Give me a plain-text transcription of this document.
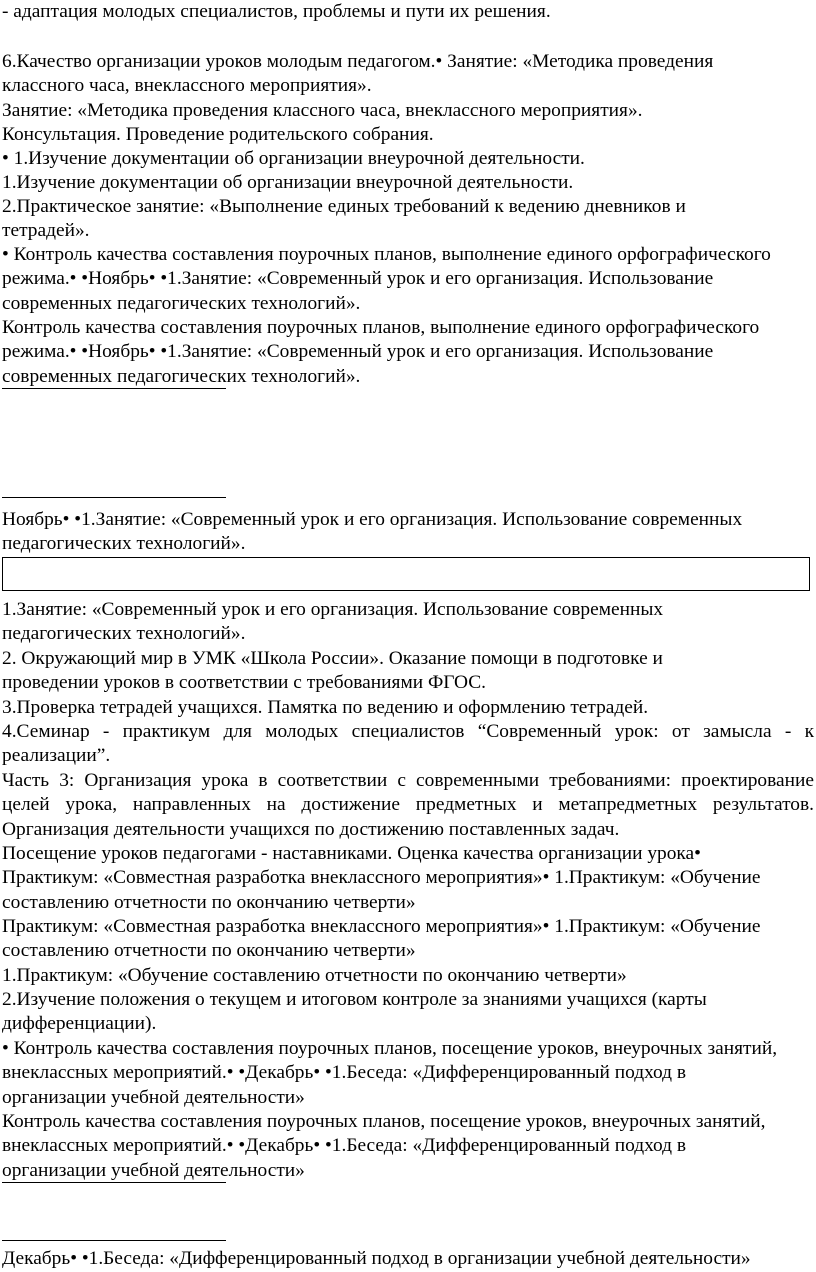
- адаптация молодых специалистов, проблемы и пути их решения.

6.Качество организации уроков молодым педагогом.• Занятие: «Методика проведения классного часа, внеклассного мероприятия».

Занятие: «Методика проведения классного часа, внеклассного мероприятия».

Консультация. Проведение родительского собрания.

• 1.Изучение документации об организации внеурочной деятельности.

1.Изучение документации об организации внеурочной деятельности.

2.Практическое занятие: «Выполнение единых требований к ведению дневников и тетрадей».

• Контроль качества составления поурочных планов, выполнение единого орфографического режима.• •Ноябрь• •1.Занятие: «Современный урок и его организация. Использование современных педагогических технологий».

Контроль качества составления поурочных планов, выполнение единого орфографического режима.• •Ноябрь• •1.Занятие: «Современный урок и его организация. Использование современных педагогических технологий».

Ноябрь• •1.Занятие: «Современный урок и его организация. Использование современных педагогических технологий».

1.Занятие: «Современный урок и его организация. Использование современных педагогических технологий».

2. Окружающий мир в УМК «Школа России». Оказание помощи в подготовке и проведении уроков в соответствии с требованиями ФГОС.

3.Проверка тетрадей учащихся. Памятка по ведению и оформлению тетрадей.

4.Семинар - практикум для молодых специалистов “Современный урок: от замысла - к реализации”.

Часть 3: Организация урока в соответствии с современными требованиями: проектирование целей урока, направленных на достижение предметных и метапредметных результатов. Организация деятельности учащихся по достижению поставленных задач.

Посещение уроков педагогами - наставниками. Оценка качества организации урока• Практикум: «Совместная разработка внеклассного мероприятия»• 1.Практикум: «Обучение составлению отчетности по окончанию четверти»

Практикум: «Совместная разработка внеклассного мероприятия»• 1.Практикум: «Обучение составлению отчетности по окончанию четверти»

1.Практикум: «Обучение составлению отчетности по окончанию четверти»

2.Изучение положения о текущем и итоговом контроле за знаниями учащихся (карты дифференциации).

• Контроль качества составления поурочных планов, посещение уроков, внеурочных занятий, внеклассных мероприятий.• •Декабрь• •1.Беседа: «Дифференцированный подход в организации учебной деятельности»

Контроль качества составления поурочных планов, посещение уроков, внеурочных занятий, внеклассных мероприятий.• •Декабрь• •1.Беседа: «Дифференцированный подход в организации учебной деятельности»

Декабрь• •1.Беседа: «Дифференцированный подход в организации учебной деятельности»
